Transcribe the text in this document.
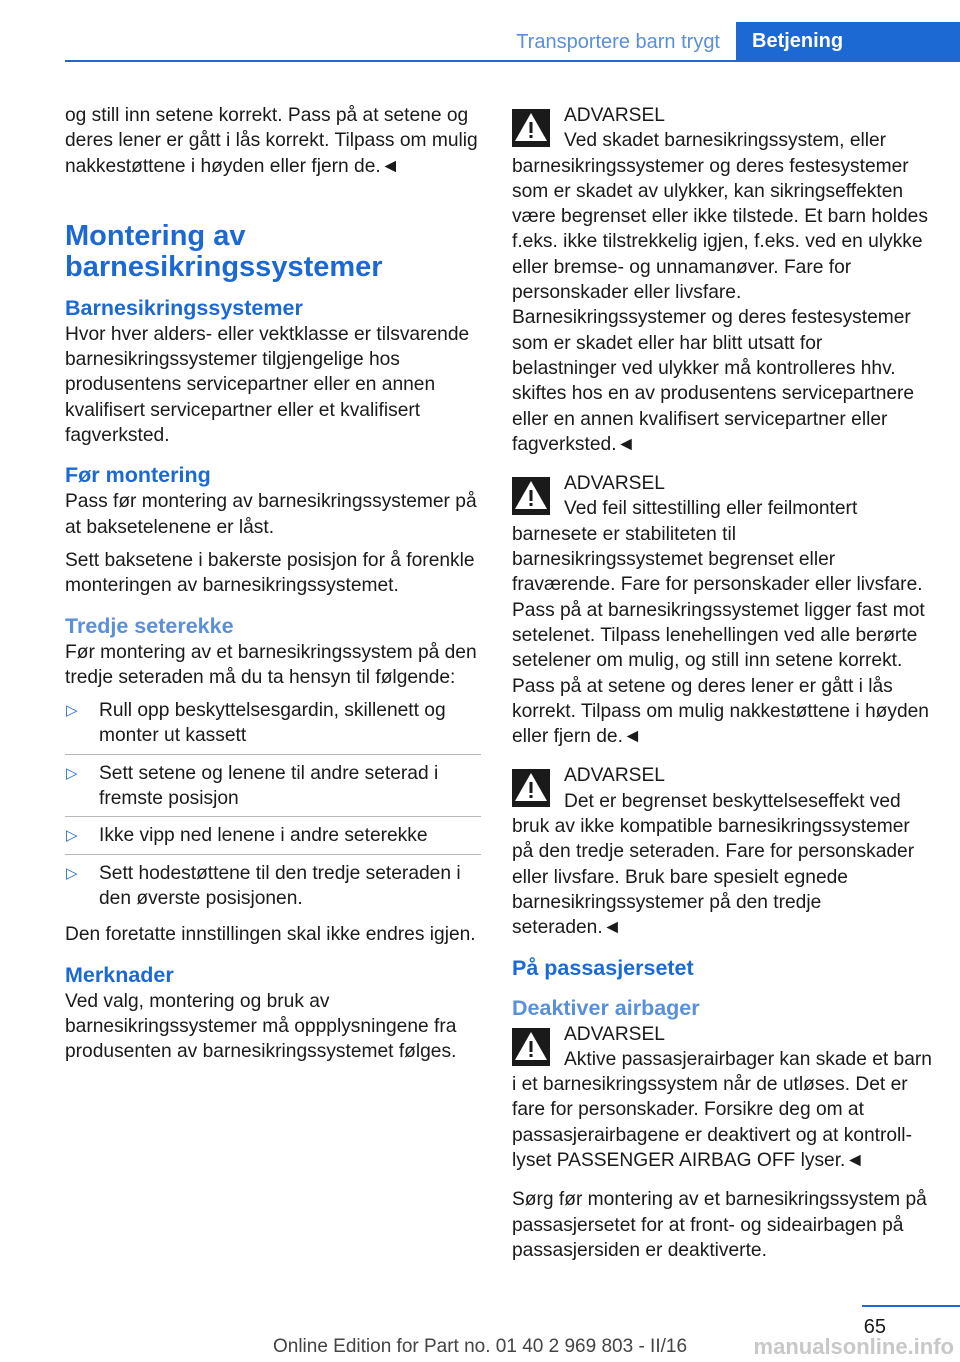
Transportere barn trygt	Betjening

og still inn setene korrekt. Pass på at setene og deres lener er gått i lås korrekt. Tilpass om mulig nakkestøttene i høyden eller fjern de.◄

Montering av barnesikringssystemer
Barnesikringssystemer

Hvor hver alders- eller vektklasse er tilsvarende barnesikringssystemer tilgjengelige hos produsentens servicepartner eller en annen kvalifisert servicepartner eller et kvalifisert fagverksted.

Før montering

Pass før montering av barnesikringssystemer på at baksetelenene er låst.

Sett baksetene i bakerste posisjon for å forenkle monteringen av barnesikringssystemet.

Tredje seterekke

Før montering av et barnesikringssystem på den tredje seteraden må du ta hensyn til følgende:

▷ Rull opp beskyttelsesgardin, skillenett og monter ut kassett
▷ Sett setene og lenene til andre seterad i fremste posisjon
▷ Ikke vipp ned lenene i andre seterekke
▷ Sett hodestøttene til den tredje seteraden i den øverste posisjonen.

Den foretatte innstillingen skal ikke endres igjen.

Merknader

Ved valg, montering og bruk av barnesikringssystemer må oppplysningene fra produsenten av barnesikringssystemet følges.

ADVARSEL
Ved skadet barnesikringssystem, eller barnesikringssystemer og deres festesystemer som er skadet av ulykker, kan sikringseffekten være begrenset eller ikke tilstede. Et barn holdes f.eks. ikke tilstrekkelig igjen, f.eks. ved en ulykke eller bremse- og unnamanøver. Fare for personskader eller livsfare. Barnesikringssystemer og deres festesystemer som er skadet eller har blitt utsatt for belastninger ved ulykker må kontrolleres hhv. skiftes hos en av produsentens servicepartnere eller en annen kvalifisert servicepartner eller fagverksted.◄
ADVARSEL
Ved feil sittestilling eller feilmontert barnesete er stabiliteten til barnesikringssystemet begrenset eller fraværende. Fare for personskader eller livsfare. Pass på at barnesikringssystemet ligger fast mot setelenet. Tilpass lenehellingen ved alle berørte setelener om mulig, og still inn setene korrekt. Pass på at setene og deres lener er gått i lås korrekt. Tilpass om mulig nakkestøttene i høyden eller fjern de.◄
ADVARSEL
Det er begrenset beskyttelseseffekt ved bruk av ikke kompatible barnesikringssystemer på den tredje seteraden. Fare for personskader eller livsfare. Bruk bare spesielt egnede barnesikringssystemer på den tredje seteraden.◄
På passasjersetet
Deaktiver airbager
ADVARSEL
Aktive passasjerairbager kan skade et barn i et barnesikringssystem når de utløses. Det er fare for personskader. Forsikre deg om at passasjerairbagene er deaktivert og at kontroll-lyset PASSENGER AIRBAG OFF lyser.◄

Sørg før montering av et barnesikringssystem på passasjersetet for at front- og sideairbagen på passasjersiden er deaktiverte.

65
Online Edition for Part no. 01 40 2 969 803 - II/16	manualsonline.info
